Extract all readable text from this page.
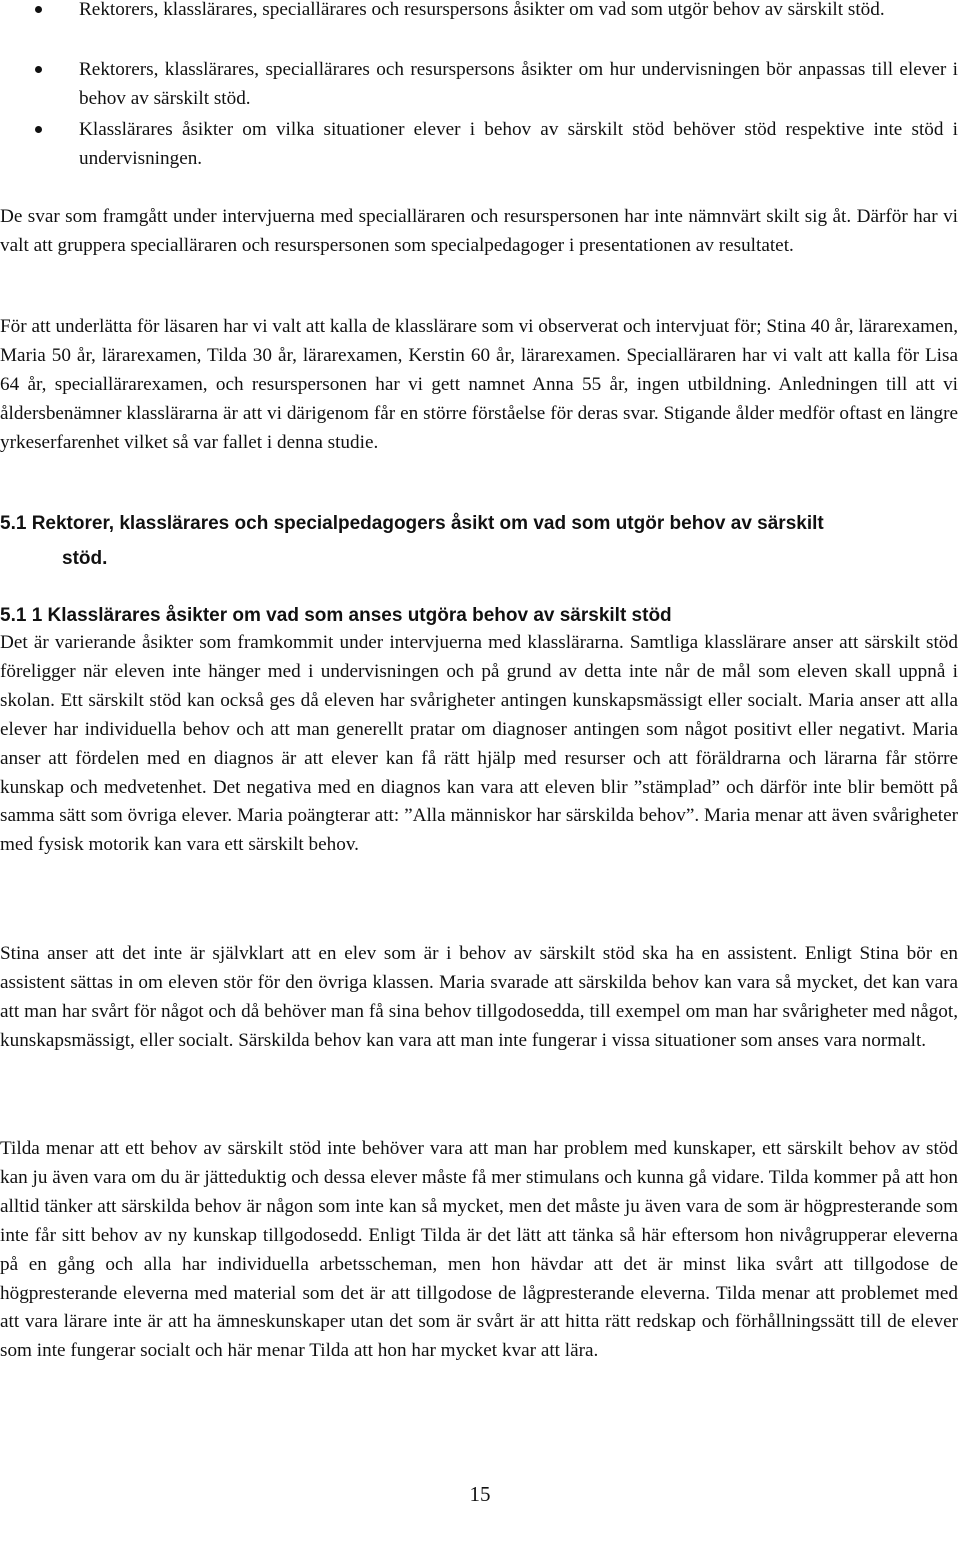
Rektorers, klasslärares, speciallärares och resurspersons åsikter om vad som utgör behov av särskilt stöd.
Rektorers, klasslärares, speciallärares och resurspersons åsikter om hur undervisningen bör anpassas till elever i behov av särskilt stöd.
Klasslärares åsikter om vilka situationer elever i behov av särskilt stöd behöver stöd respektive inte stöd i undervisningen.

De svar som framgått under intervjuerna med specialläraren och resurspersonen har inte nämnvärt skilt sig åt. Därför har vi valt att gruppera specialläraren och resurspersonen som specialpedagoger i presentationen av resultatet.

För att underlätta för läsaren har vi valt att kalla de klasslärare som vi observerat och intervjuat för; Stina 40 år, lärarexamen, Maria 50 år, lärarexamen, Tilda 30 år, lärarexamen, Kerstin 60 år, lärarexamen. Specialläraren har vi valt att kalla för Lisa 64 år, speciallärarexamen, och resurspersonen har vi gett namnet Anna 55 år, ingen utbildning. Anledningen till att vi åldersbenämner klasslärarna är att vi därigenom får en större förståelse för deras svar. Stigande ålder medför oftast en längre yrkeserfarenhet vilket så var fallet i denna studie.

5.1 Rektorer, klasslärares och specialpedagogers åsikt om vad som utgör behov av särskilt
stöd.
5.1 1 Klasslärares åsikter om vad som anses utgöra behov av särskilt stöd

Det är varierande åsikter som framkommit under intervjuerna med klasslärarna. Samtliga klasslärare anser att särskilt stöd föreligger när eleven inte hänger med i undervisningen och på grund av detta inte når de mål som eleven skall uppnå i skolan. Ett särskilt stöd kan också ges då eleven har svårigheter antingen kunskapsmässigt eller socialt. Maria anser att alla elever har individuella behov och att man generellt pratar om diagnoser antingen som något positivt eller negativt. Maria anser att fördelen med en diagnos är att elever kan få rätt hjälp med resurser och att föräldrarna och lärarna får större kunskap och medvetenhet. Det negativa med en diagnos kan vara att eleven blir ”stämplad” och därför inte blir bemött på samma sätt som övriga elever. Maria poängterar att: ”Alla människor har särskilda behov”. Maria menar att även svårigheter med fysisk motorik kan vara ett särskilt behov.

Stina anser att det inte är självklart att en elev som är i behov av särskilt stöd ska ha en assistent. Enligt Stina bör en assistent sättas in om eleven stör för den övriga klassen. Maria svarade att särskilda behov kan vara så mycket, det kan vara att man har svårt för något och då behöver man få sina behov tillgodosedda, till exempel om man har svårigheter med något, kunskapsmässigt, eller socialt. Särskilda behov kan vara att man inte fungerar i vissa situationer som anses vara normalt.

Tilda menar att ett behov av särskilt stöd inte behöver vara att man har problem med kunskaper, ett särskilt behov av stöd kan ju även vara om du är jätteduktig och dessa elever måste få mer stimulans och kunna gå vidare. Tilda kommer på att hon alltid tänker att särskilda behov är någon som inte kan så mycket, men det måste ju även vara de som är högpresterande som inte får sitt behov av ny kunskap tillgodosedd. Enligt Tilda är det lätt att tänka så här eftersom hon nivågrupperar eleverna på en gång och alla har individuella arbetsscheman, men hon hävdar att det är minst lika svårt att tillgodose de högpresterande eleverna med material som det är att tillgodose de lågpresterande eleverna. Tilda menar att problemet med att vara lärare inte är att ha ämneskunskaper utan det som är svårt är att hitta rätt redskap och förhållningssätt till de elever som inte fungerar socialt och här menar Tilda att hon har mycket kvar att lära.

15
